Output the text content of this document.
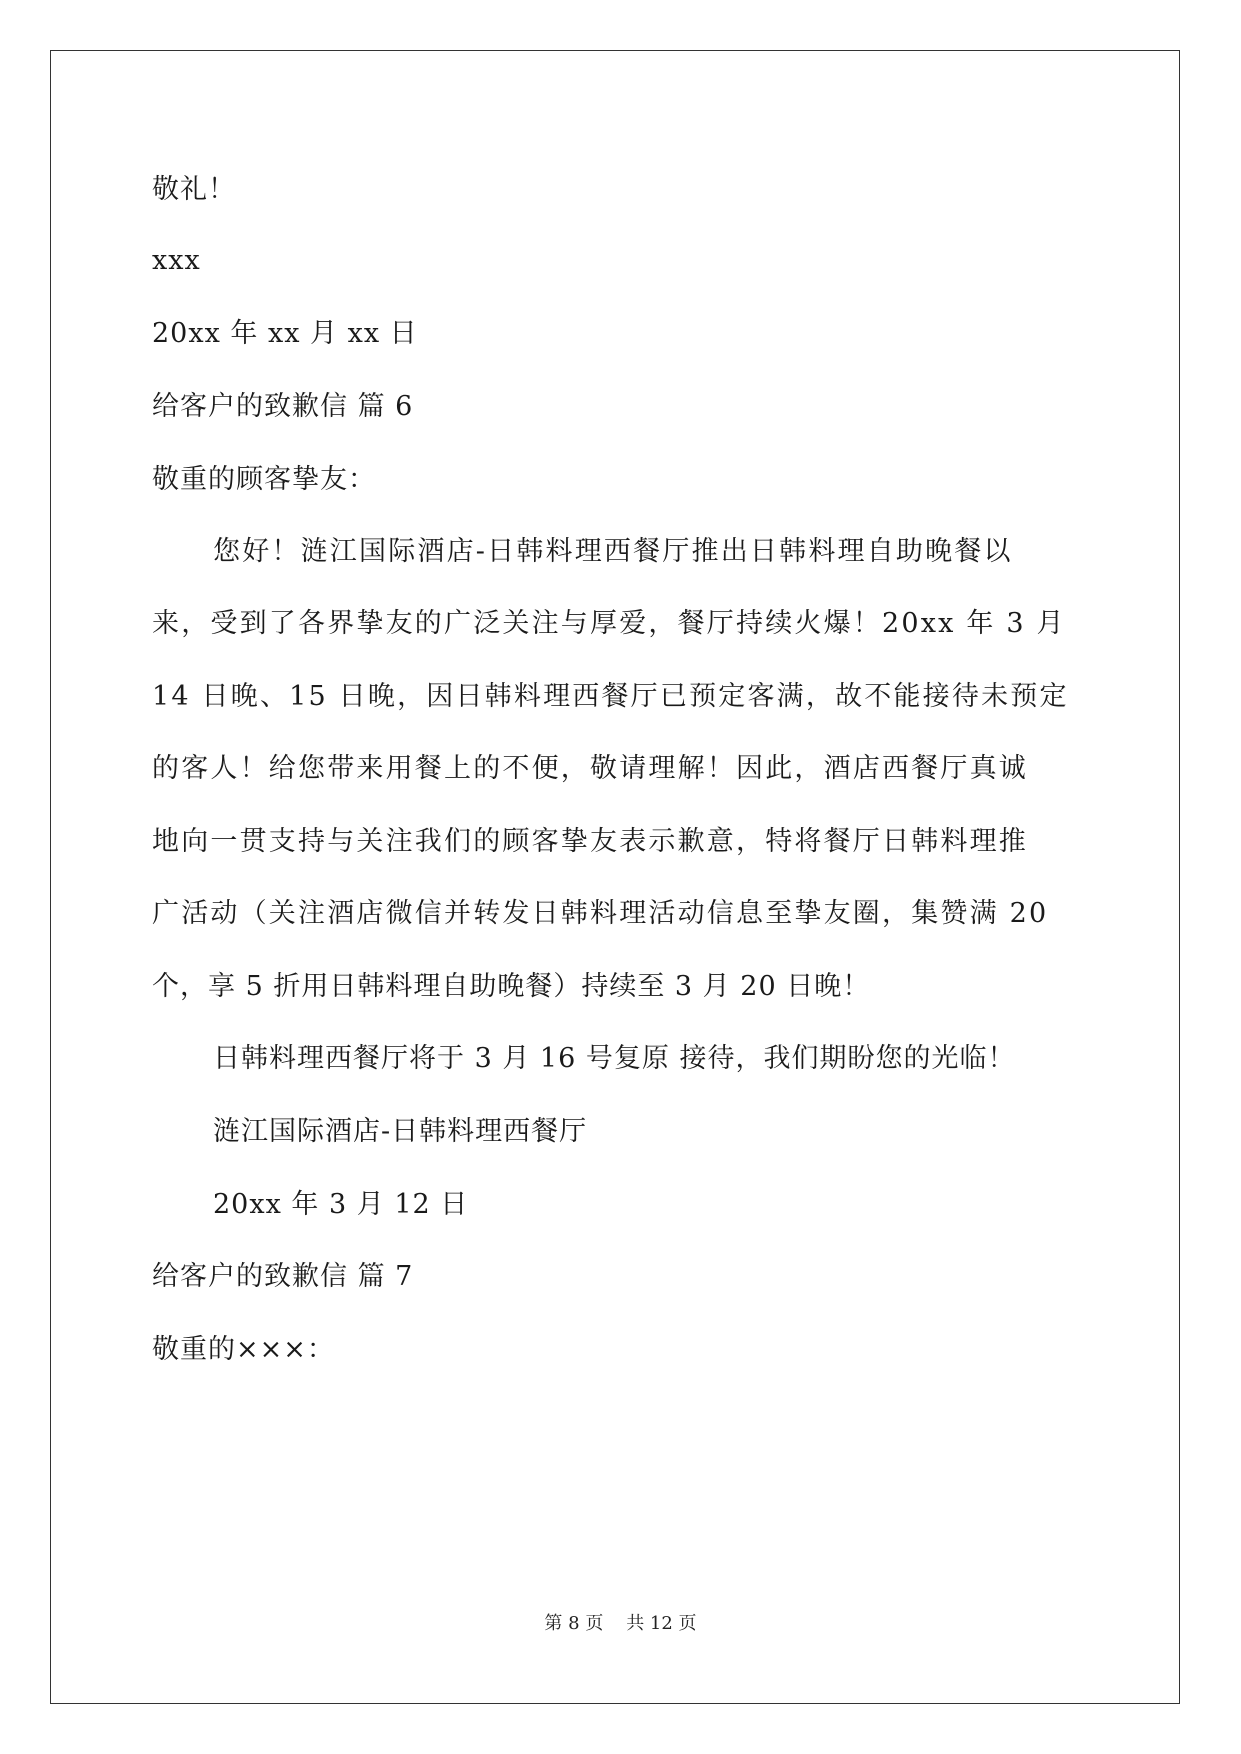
敬礼！
xxx
20xx 年 xx 月 xx 日
给客户的致歉信 篇 6
敬重的顾客挚友：
您好！涟江国际酒店-日韩料理西餐厅推出日韩料理自助晚餐以
来，受到了各界挚友的广泛关注与厚爱，餐厅持续火爆！20xx 年 3 月
14 日晚、15 日晚，因日韩料理西餐厅已预定客满，故不能接待未预定
的客人！给您带来用餐上的不便，敬请理解！因此，酒店西餐厅真诚
地向一贯支持与关注我们的顾客挚友表示歉意，特将餐厅日韩料理推
广活动（关注酒店微信并转发日韩料理活动信息至挚友圈，集赞满 20
个，享 5 折用日韩料理自助晚餐）持续至 3 月 20 日晚！
日韩料理西餐厅将于 3 月 16 号复原 接待，我们期盼您的光临！
涟江国际酒店-日韩料理西餐厅
20xx 年 3 月 12 日
给客户的致歉信 篇 7
敬重的×××：
第 8 页    共 12 页
